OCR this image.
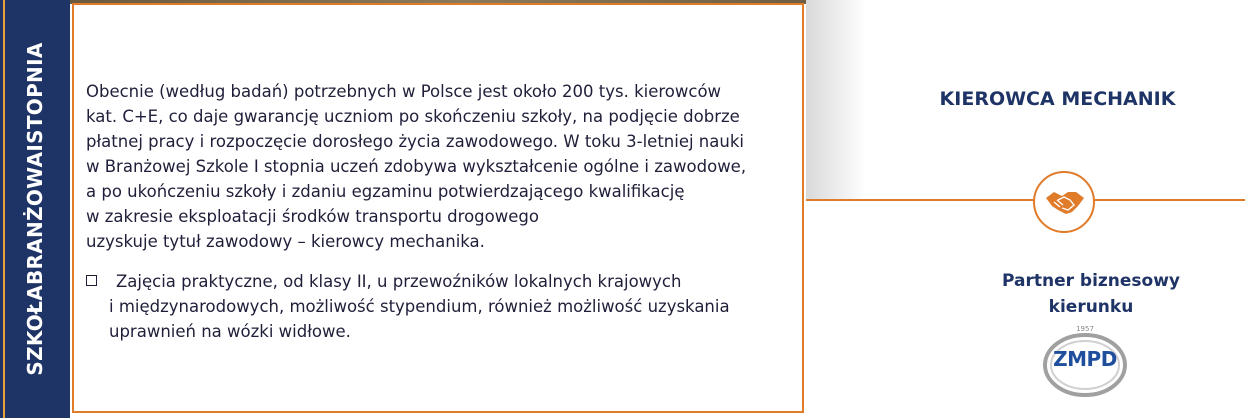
SZKOŁABRANŻOWAISTOPNIA Obecnie (według badań) potrzebnych w Polsce jest około 200 tys. kierowców
kat. C+E, co daje gwarancję uczniom po skończeniu szkoły, na podjęcie dobrze
płatnej pracy i rozpoczęcie dorosłego życia zawodowego. W toku 3-letniej nauki
w Branżowej Szkole I stopnia uczeń zdobywa wykształcenie ogólne i zawodowe,
a po ukończeniu szkoły i zdaniu egzaminu potwierdzającego kwalifikację
w zakresie eksploatacji środków transportu drogowego
uzyskuje tytuł zawodowy – kierowcy mechanika.

Zajęcia praktyczne, od klasy II, u przewoźników lokalnych krajowych
i międzynarodowych, możliwość stypendium, również możliwość uzyskania
uprawnień na wózki widłowe.
KIEROWCA MECHANIK
Partner biznesowy
kierunku
1957
ZMPD
